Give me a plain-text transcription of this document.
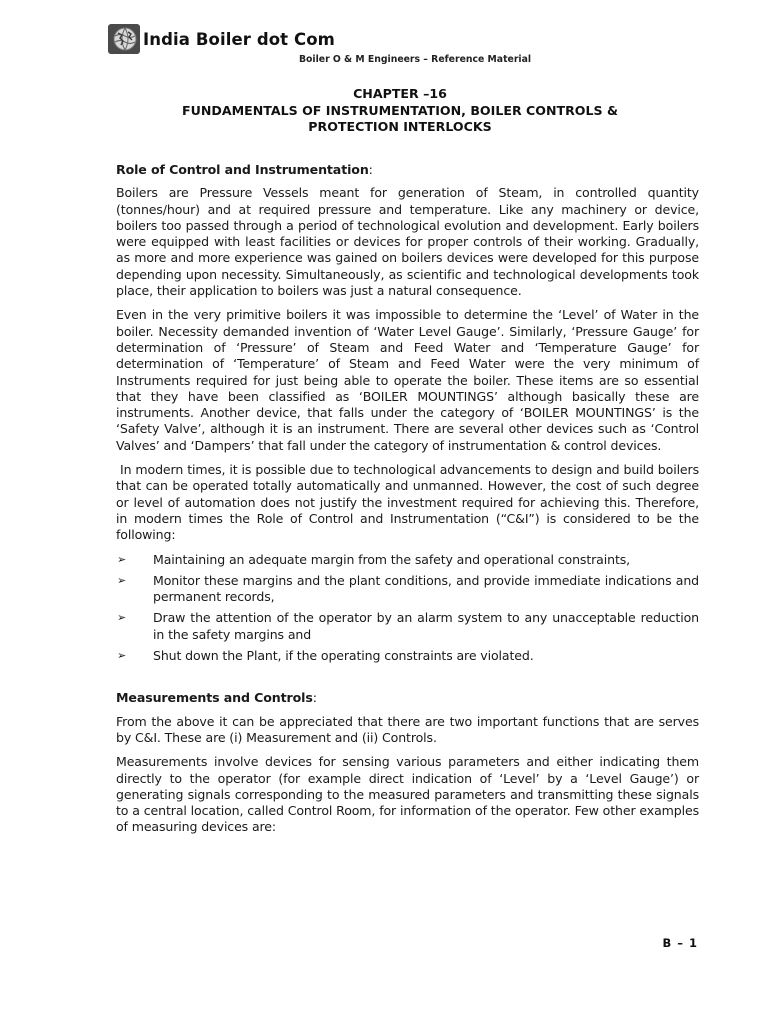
India Boiler dot Com
Boiler O & M Engineers – Reference Material
CHAPTER –16
FUNDAMENTALS OF INSTRUMENTATION, BOILER CONTROLS &
PROTECTION INTERLOCKS
Role of Control and Instrumentation:

Boilers are Pressure Vessels meant for generation of Steam, in controlled quantity (tonnes/hour) and at required pressure and temperature. Like any machinery or device, boilers too passed through a period of technological evolution and development. Early boilers were equipped with least facilities or devices for proper controls of their working. Gradually, as more and more experience was gained on boilers devices were developed for this purpose depending upon necessity. Simultaneously, as scientific and technological developments took place, their application to boilers was just a natural consequence.

Even in the very primitive boilers it was impossible to determine the ‘Level’ of Water in the boiler. Necessity demanded invention of ‘Water Level Gauge’. Similarly, ‘Pressure Gauge’ for determination of ‘Pressure’ of Steam and Feed Water and ‘Temperature Gauge’ for determination of ‘Temperature’ of Steam and Feed Water were the very minimum of Instruments required for just being able to operate the boiler. These items are so essential that they have been classified as ‘BOILER MOUNTINGS’ although basically these are instruments. Another device, that falls under the category of ‘BOILER MOUNTINGS’ is the ‘Safety Valve’, although it is an instrument. There are several other devices such as ‘Control Valves’ and ‘Dampers’ that fall under the category of instrumentation & control devices.

In modern times, it is possible due to technological advancements to design and build boilers that can be operated totally automatically and unmanned. However, the cost of such degree or level of automation does not justify the investment required for achieving this. Therefore, in modern times the Role of Control and Instrumentation (“C&I”) is considered to be the following:

➢ Maintaining an adequate margin from the safety and operational constraints,
➢ Monitor these margins and the plant conditions, and provide immediate indications and permanent records,
➢ Draw the attention of the operator by an alarm system to any unacceptable reduction in the safety margins and
➢ Shut down the Plant, if the operating constraints are violated.
Measurements and Controls:

From the above it can be appreciated that there are two important functions that are serves by C&I. These are (i) Measurement and (ii) Controls.

Measurements involve devices for sensing various parameters and either indicating them directly to the operator (for example direct indication of ‘Level’ by a ‘Level Gauge’) or generating signals corresponding to the measured parameters and transmitting these signals to a central location, called Control Room, for information of the operator. Few other examples of measuring devices are:

B – 1
